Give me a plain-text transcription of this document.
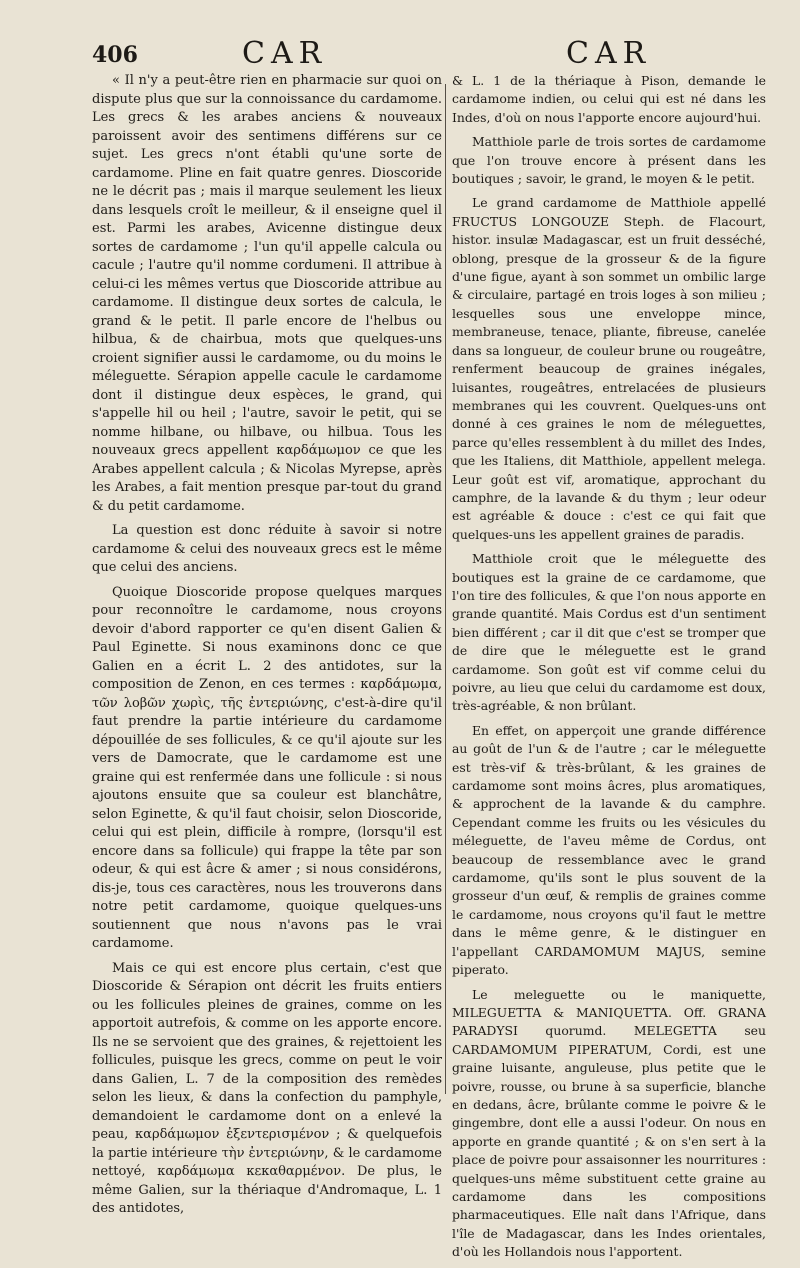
406	CAR	CAR

« Il n'y a peut-être rien en pharmacie sur quoi on dispute plus que sur la connoissance du cardamome. Les grecs & les arabes anciens & nouveaux paroissent avoir des sentimens différens sur ce sujet. Les grecs n'ont établi qu'une sorte de cardamome. Pline en fait quatre genres. Dioscoride ne le décrit pas ; mais il marque seulement les lieux dans lesquels croît le meilleur, & il enseigne quel il est. Parmi les arabes, Avicenne distingue deux sortes de cardamome ; l'un qu'il appelle calcula ou cacule ; l'autre qu'il nomme cordumeni. Il attribue à celui-ci les mêmes vertus que Dioscoride attribue au cardamome. Il distingue deux sortes de calcula, le grand & le petit. Il parle encore de l'helbus ou hilbua, & de chairbua, mots que quelques-uns croient signifier aussi le cardamome, ou du moins le méleguette. Sérapion appelle cacule le cardamome dont il distingue deux espèces, le grand, qui s'appelle hil ou heil ; l'autre, savoir le petit, qui se nomme hilbane, ou hilbave, ou hilbua. Tous les nouveaux grecs appellent καρδάμωμον ce que les Arabes appellent calcula ; & Nicolas Myrepse, après les Arabes, a fait mention presque par-tout du grand & du petit cardamome.

La question est donc réduite à savoir si notre cardamome & celui des nouveaux grecs est le même que celui des anciens.

Quoique Dioscoride propose quelques marques pour reconnoître le cardamome, nous croyons devoir d'abord rapporter ce qu'en disent Galien & Paul Eginette. Si nous examinons donc ce que Galien en a écrit L. 2 des antidotes, sur la composition de Zenon, en ces termes : καρδάμωμα, τῶν λοβῶν χωρὶς, τῆς ἐντεριώνης, c'est-à-dire qu'il faut prendre la partie intérieure du cardamome dépouillée de ses follicules, & ce qu'il ajoute sur les vers de Damocrate, que le cardamome est une graine qui est renfermée dans une follicule : si nous ajoutons ensuite que sa couleur est blanchâtre, selon Eginette, & qu'il faut choisir, selon Dioscoride, celui qui est plein, difficile à rompre, (lorsqu'il est encore dans sa follicule) qui frappe la tête par son odeur, & qui est âcre & amer ; si nous considérons, dis-je, tous ces caractères, nous les trouverons dans notre petit cardamome, quoique quelques-uns soutiennent que nous n'avons pas le vrai cardamome.

Mais ce qui est encore plus certain, c'est que Dioscoride & Sérapion ont décrit les fruits entiers ou les follicules pleines de graines, comme on les apportoit autrefois, & comme on les apporte encore. Ils ne se servoient que des graines, & rejettoient les follicules, puisque les grecs, comme on peut le voir dans Galien, L. 7 de la composition des remèdes selon les lieux, & dans la confection du pamphyle, demandoient le cardamome dont on a enlevé la peau, καρδάμωμον ἐξεντερισμένον ; & quelquefois la partie intérieure τὴν ἐντεριώνην, & le cardamome nettoyé, καρδάμωμα κεκαθαρμένον. De plus, le même Galien, sur la thériaque d'Andromaque, L. 1 des antidotes,

& L. 1 de la thériaque à Pison, demande le cardamome indien, ou celui qui est né dans les Indes, d'où on nous l'apporte encore aujourd'hui.

Matthiole parle de trois sortes de cardamome que l'on trouve encore à présent dans les boutiques ; savoir, le grand, le moyen & le petit.

Le grand cardamome de Matthiole appellé FRUCTUS LONGOUZE Steph. de Flacourt, histor. insulæ Madagascar, est un fruit desséché, oblong, presque de la grosseur & de la figure d'une figue, ayant à son sommet un ombilic large & circulaire, partagé en trois loges à son milieu ; lesquelles sous une enveloppe mince, membraneuse, tenace, pliante, fibreuse, canelée dans sa longueur, de couleur brune ou rougeâtre, renferment beaucoup de graines inégales, luisantes, rougeâtres, entrelacées de plusieurs membranes qui les couvrent. Quelques-uns ont donné à ces graines le nom de méleguettes, parce qu'elles ressemblent à du millet des Indes, que les Italiens, dit Matthiole, appellent melega. Leur goût est vif, aromatique, approchant du camphre, de la lavande & du thym ; leur odeur est agréable & douce : c'est ce qui fait que quelques-uns les appellent graines de paradis.

Matthiole croit que le méleguette des boutiques est la graine de ce cardamome, que l'on tire des follicules, & que l'on nous apporte en grande quantité. Mais Cordus est d'un sentiment bien différent ; car il dit que c'est se tromper que de dire que le méleguette est le grand cardamome. Son goût est vif comme celui du poivre, au lieu que celui du cardamome est doux, très-agréable, & non brûlant.

En effet, on apperçoit une grande différence au goût de l'un & de l'autre ; car le méleguette est très-vif & très-brûlant, & les graines de cardamome sont moins âcres, plus aromatiques, & approchent de la lavande & du camphre. Cependant comme les fruits ou les vésicules du méleguette, de l'aveu même de Cordus, ont beaucoup de ressemblance avec le grand cardamome, qu'ils sont le plus souvent de la grosseur d'un œuf, & remplis de graines comme le cardamome, nous croyons qu'il faut le mettre dans le même genre, & le distinguer en l'appellant CARDAMOMUM MAJUS, semine piperato.

Le meleguette ou le maniquette, MILEGUETTA & MANIQUETTA. Off. GRANA PARADYSI quorumd. MELEGETTA seu CARDAMOMUM PIPERATUM, Cordi, est une graine luisante, anguleuse, plus petite que le poivre, rousse, ou brune à sa superficie, blanche en dedans, âcre, brûlante comme le poivre & le gingembre, dont elle a aussi l'odeur. On nous en apporte en grande quantité ; & on s'en sert à la place de poivre pour assaisonner les nourritures : quelques-uns même substituent cette graine au cardamome dans les compositions pharmaceutiques. Elle naît dans l'Afrique, dans l'île de Madagascar, dans les Indes orientales, d'où les Hollandois nous l'apportent.
